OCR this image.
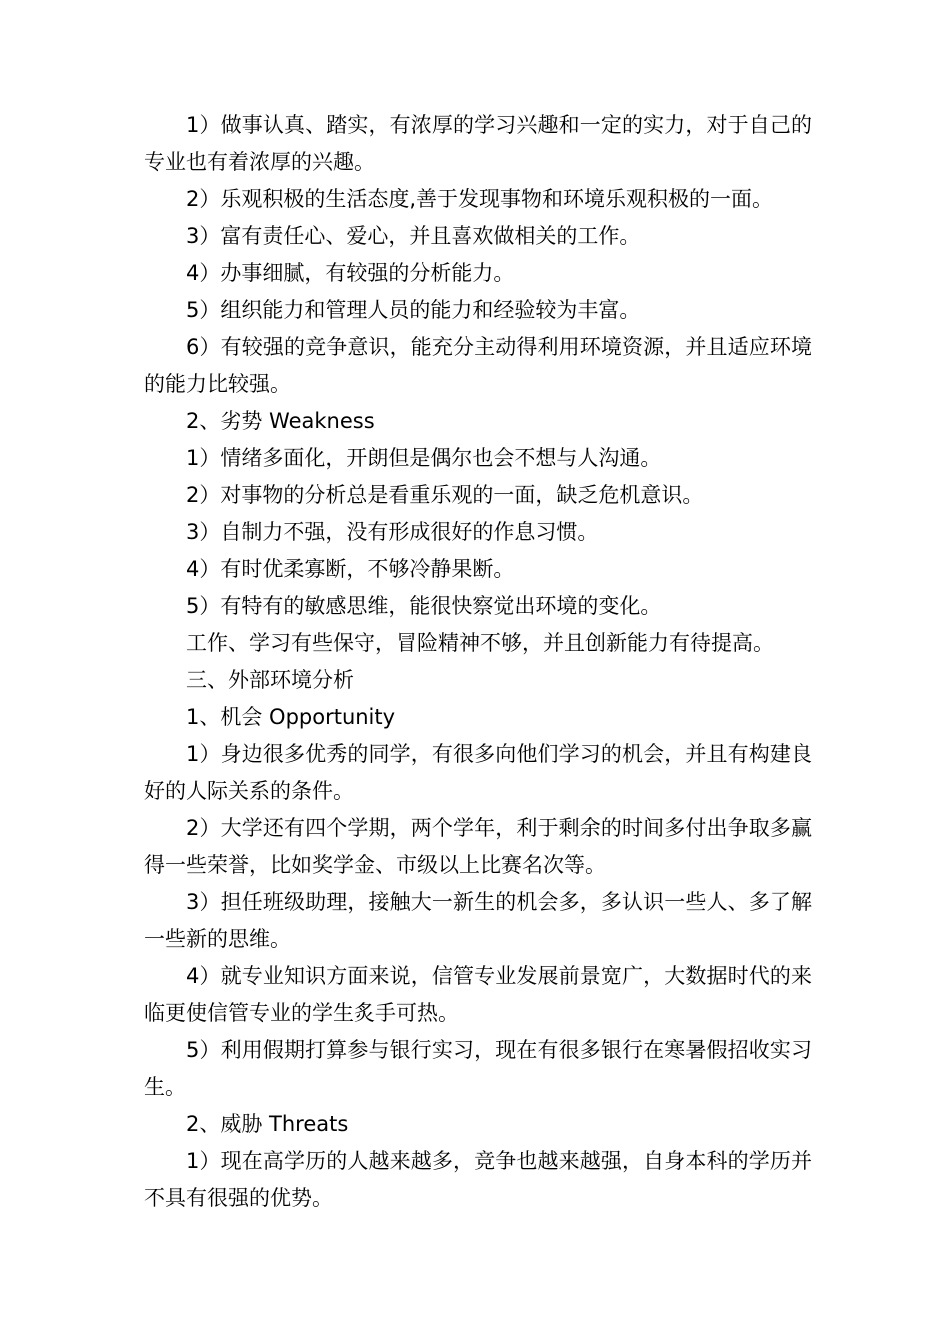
1）做事认真、踏实，有浓厚的学习兴趣和一定的实力，对于自己的专业也有着浓厚的兴趣。

2）乐观积极的生活态度,善于发现事物和环境乐观积极的一面。

3）富有责任心、爱心，并且喜欢做相关的工作。

4）办事细腻，有较强的分析能力。

5）组织能力和管理人员的能力和经验较为丰富。

6）有较强的竞争意识，能充分主动得利用环境资源，并且适应环境的能力比较强。

2、劣势 Weakness

1）情绪多面化，开朗但是偶尔也会不想与人沟通。

2）对事物的分析总是看重乐观的一面，缺乏危机意识。

3）自制力不强，没有形成很好的作息习惯。

4）有时优柔寡断，不够冷静果断。

5）有特有的敏感思维，能很快察觉出环境的变化。

工作、学习有些保守，冒险精神不够，并且创新能力有待提高。

三、外部环境分析

1、机会 Opportunity

1）身边很多优秀的同学，有很多向他们学习的机会，并且有构建良好的人际关系的条件。

2）大学还有四个学期，两个学年，利于剩余的时间多付出争取多赢得一些荣誉，比如奖学金、市级以上比赛名次等。

3）担任班级助理，接触大一新生的机会多，多认识一些人、多了解一些新的思维。

4）就专业知识方面来说，信管专业发展前景宽广，大数据时代的来临更使信管专业的学生炙手可热。

5）利用假期打算参与银行实习，现在有很多银行在寒暑假招收实习生。

2、威胁 Threats

1）现在高学历的人越来越多，竞争也越来越强，自身本科的学历并不具有很强的优势。
